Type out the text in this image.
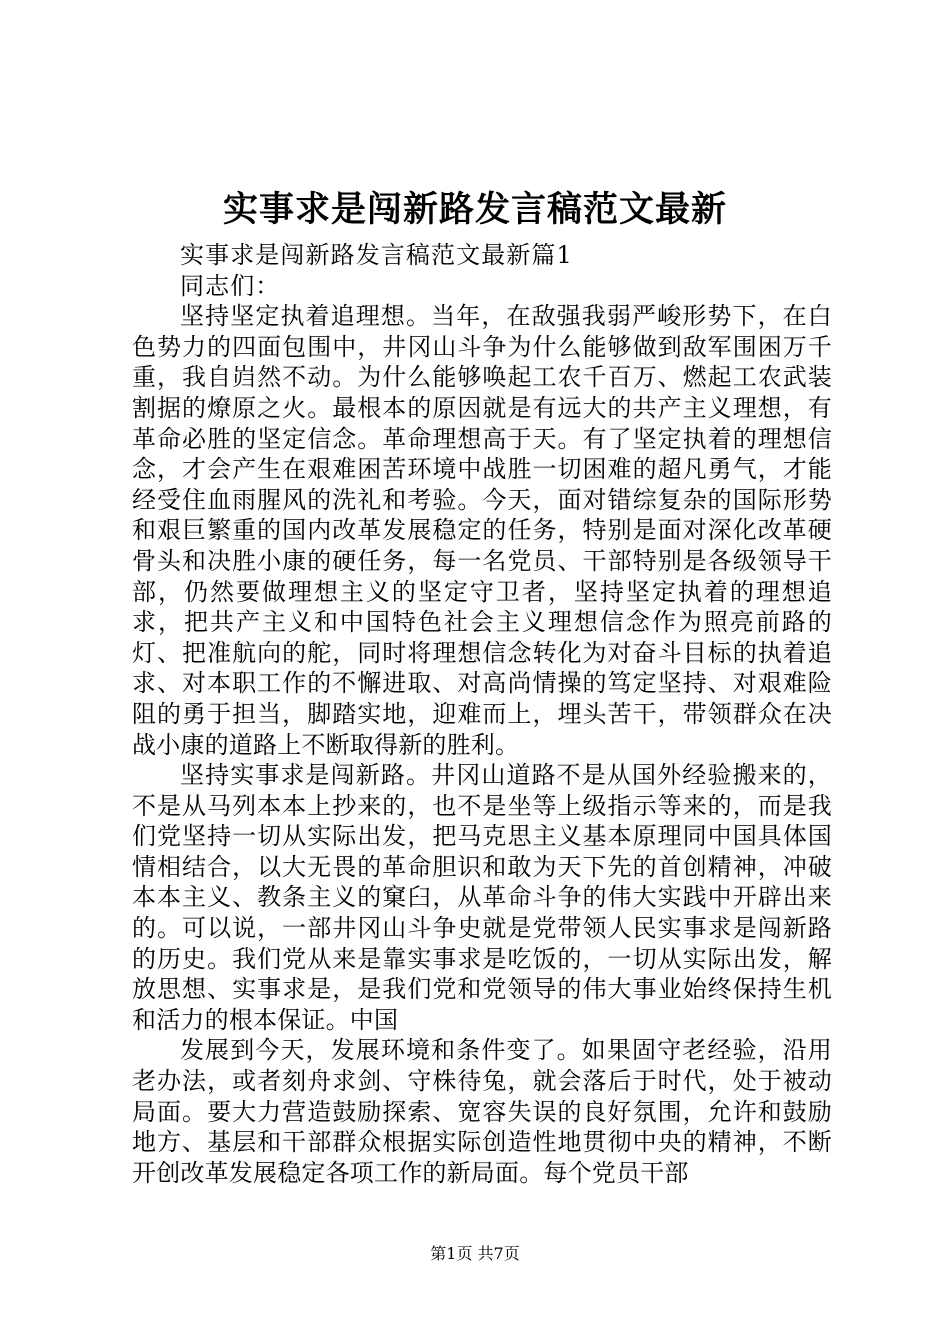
实事求是闯新路发言稿范文最新

实事求是闯新路发言稿范文最新篇1

同志们：

坚持坚定执着追理想。当年，在敌强我弱严峻形势下，在白色势力的四面包围中，井冈山斗争为什么能够做到敌军围困万千重，我自岿然不动。为什么能够唤起工农千百万、燃起工农武装割据的燎原之火。最根本的原因就是有远大的共产主义理想，有革命必胜的坚定信念。革命理想高于天。有了坚定执着的理想信念，才会产生在艰难困苦环境中战胜一切困难的超凡勇气，才能经受住血雨腥风的洗礼和考验。今天，面对错综复杂的国际形势和艰巨繁重的国内改革发展稳定的任务，特别是面对深化改革硬骨头和决胜小康的硬任务，每一名党员、干部特别是各级领导干部，仍然要做理想主义的坚定守卫者，坚持坚定执着的理想追求，把共产主义和中国特色社会主义理想信念作为照亮前路的灯、把准航向的舵，同时将理想信念转化为对奋斗目标的执着追求、对本职工作的不懈进取、对高尚情操的笃定坚持、对艰难险阻的勇于担当，脚踏实地，迎难而上，埋头苦干，带领群众在决战小康的道路上不断取得新的胜利。

坚持实事求是闯新路。井冈山道路不是从国外经验搬来的，不是从马列本本上抄来的，也不是坐等上级指示等来的，而是我们党坚持一切从实际出发，把马克思主义基本原理同中国具体国情相结合，以大无畏的革命胆识和敢为天下先的首创精神，冲破本本主义、教条主义的窠臼，从革命斗争的伟大实践中开辟出来的。可以说，一部井冈山斗争史就是党带领人民实事求是闯新路的历史。我们党从来是靠实事求是吃饭的，一切从实际出发，解放思想、实事求是，是我们党和党领导的伟大事业始终保持生机和活力的根本保证。中国

发展到今天，发展环境和条件变了。如果固守老经验，沿用老办法，或者刻舟求剑、守株待兔，就会落后于时代，处于被动局面。要大力营造鼓励探索、宽容失误的良好氛围，允许和鼓励地方、基层和干部群众根据实际创造性地贯彻中央的精神，不断开创改革发展稳定各项工作的新局面。每个党员干部

第1页 共7页
